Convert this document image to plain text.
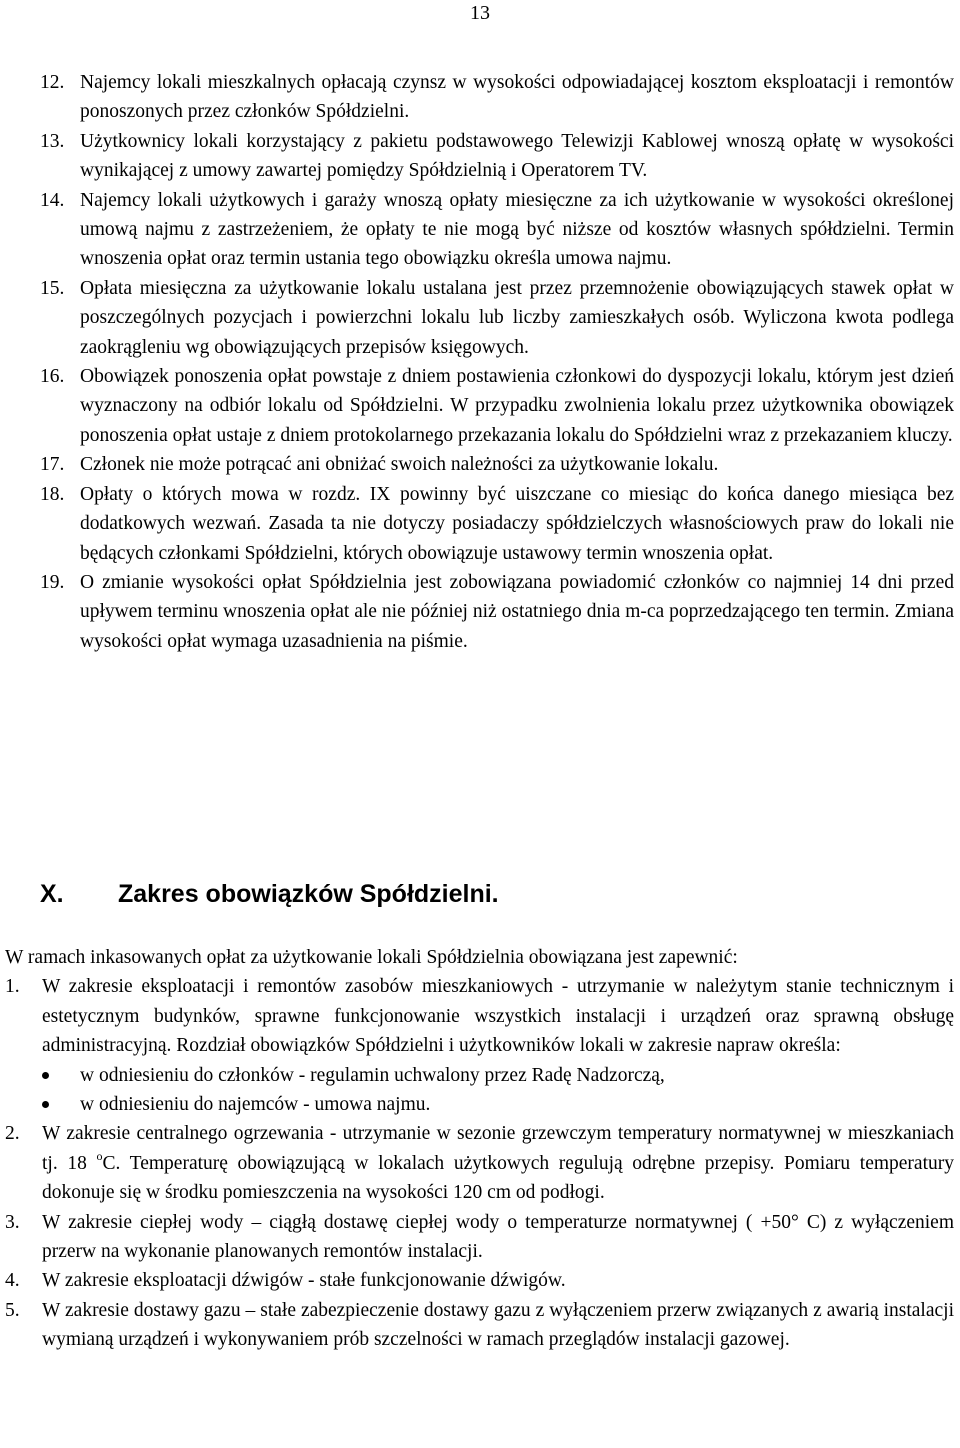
13
12. Najemcy lokali mieszkalnych opłacają czynsz w wysokości odpowiadającej kosztom eksploatacji i remontów ponoszonych przez członków Spółdzielni.
13. Użytkownicy lokali korzystający z pakietu podstawowego Telewizji Kablowej wnoszą opłatę w wysokości wynikającej z umowy zawartej pomiędzy Spółdzielnią i Operatorem TV.
14. Najemcy lokali użytkowych i garaży wnoszą opłaty miesięczne za ich użytkowanie w wysokości określonej umową najmu z zastrzeżeniem, że opłaty te nie mogą być niższe od kosztów własnych spółdzielni. Termin wnoszenia opłat oraz termin ustania tego obowiązku określa umowa najmu.
15. Opłata miesięczna za użytkowanie lokalu ustalana jest przez przemnożenie obowiązujących stawek opłat w poszczególnych pozycjach i powierzchni lokalu lub liczby zamieszkałych osób. Wyliczona kwota podlega zaokrągleniu wg obowiązujących przepisów księgowych.
16. Obowiązek ponoszenia opłat powstaje z dniem postawienia członkowi do dyspozycji lokalu, którym jest dzień wyznaczony na odbiór lokalu od Spółdzielni. W przypadku zwolnienia lokalu przez użytkownika obowiązek ponoszenia opłat ustaje z dniem protokolarnego przekazania lokalu do Spółdzielni wraz z przekazaniem kluczy.
17. Członek nie może potrącać ani obniżać swoich należności za użytkowanie lokalu.
18. Opłaty o których mowa w rozdz. IX powinny być uiszczane co miesiąc do końca danego miesiąca bez dodatkowych wezwań. Zasada ta nie dotyczy posiadaczy spółdzielczych własnościowych praw do lokali nie będących członkami Spółdzielni, których obowiązuje ustawowy termin wnoszenia opłat.
19. O zmianie wysokości opłat Spółdzielnia jest zobowiązana powiadomić członków co najmniej 14 dni przed upływem terminu wnoszenia opłat ale nie później niż ostatniego dnia m-ca poprzedzającego ten termin. Zmiana wysokości opłat wymaga uzasadnienia na piśmie.
X. Zakres obowiązków Spółdzielni.
W ramach inkasowanych opłat za użytkowanie lokali Spółdzielnia obowiązana jest zapewnić:
1. W zakresie eksploatacji i remontów zasobów mieszkaniowych - utrzymanie w należytym stanie technicznym i estetycznym budynków, sprawne funkcjonowanie wszystkich instalacji i urządzeń oraz sprawną obsługę administracyjną. Rozdział obowiązków Spółdzielni i użytkowników lokali w zakresie napraw określa:
w odniesieniu do członków - regulamin uchwalony przez Radę Nadzorczą,
w odniesieniu do najemców - umowa najmu.
2. W zakresie centralnego ogrzewania - utrzymanie w sezonie grzewczym temperatury normatywnej w mieszkaniach tj. 18 $^o$C. Temperaturę obowiązującą w lokalach użytkowych regulują odrębne przepisy. Pomiaru temperatury dokonuje się w środku pomieszczenia na wysokości 120 cm od podłogi.
3. W zakresie ciepłej wody – ciągłą dostawę ciepłej wody o temperaturze normatywnej ( +50° C) z wyłączeniem przerw na wykonanie planowanych remontów instalacji.
4. W zakresie eksploatacji dźwigów - stałe funkcjonowanie dźwigów.
5. W zakresie dostawy gazu – stałe zabezpieczenie dostawy gazu z wyłączeniem przerw związanych z awarią instalacji wymianą urządzeń i wykonywaniem prób szczelności w ramach przeglądów instalacji gazowej.
